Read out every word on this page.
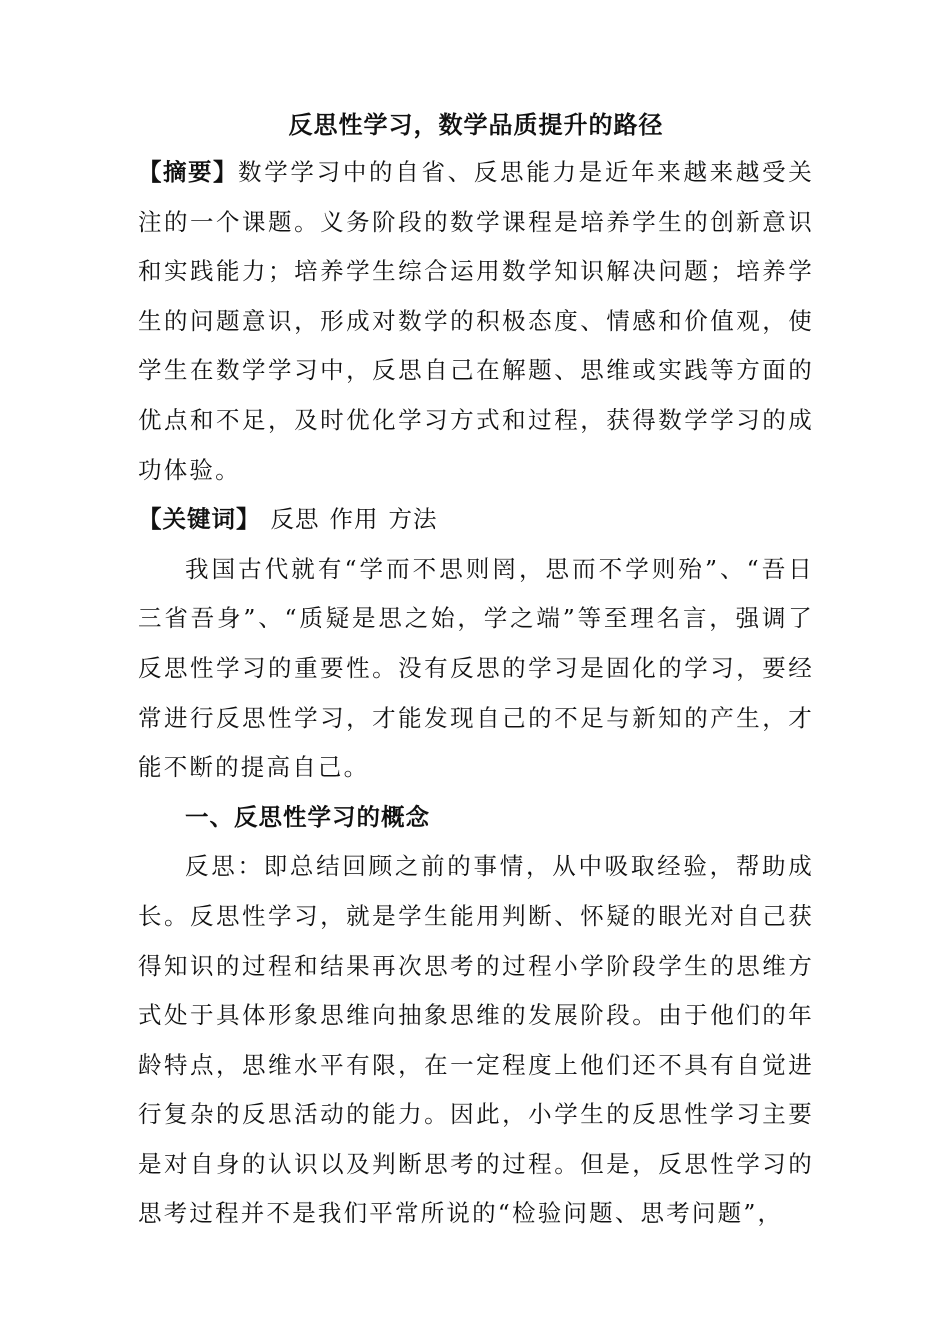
反思性学习，数学品质提升的路径

【摘要】数学学习中的自省、反思能力是近年来越来越受关注的一个课题。义务阶段的数学课程是培养学生的创新意识和实践能力；培养学生综合运用数学知识解决问题；培养学生的问题意识，形成对数学的积极态度、情感和价值观，使学生在数学学习中，反思自己在解题、思维或实践等方面的优点和不足，及时优化学习方式和过程，获得数学学习的成功体验。

【关键词】 反思 作用 方法

我国古代就有“学而不思则罔，思而不学则殆”、“吾日三省吾身”、“质疑是思之始，学之端”等至理名言，强调了反思性学习的重要性。没有反思的学习是固化的学习，要经常进行反思性学习，才能发现自己的不足与新知的产生，才能不断的提高自己。

一、反思性学习的概念

反思：即总结回顾之前的事情，从中吸取经验，帮助成长。反思性学习，就是学生能用判断、怀疑的眼光对自己获得知识的过程和结果再次思考的过程小学阶段学生的思维方式处于具体形象思维向抽象思维的发展阶段。由于他们的年龄特点，思维水平有限，在一定程度上他们还不具有自觉进行复杂的反思活动的能力。因此，小学生的反思性学习主要是对自身的认识以及判断思考的过程。但是，反思性学习的思考过程并不是我们平常所说的“检验问题、思考问题”，
